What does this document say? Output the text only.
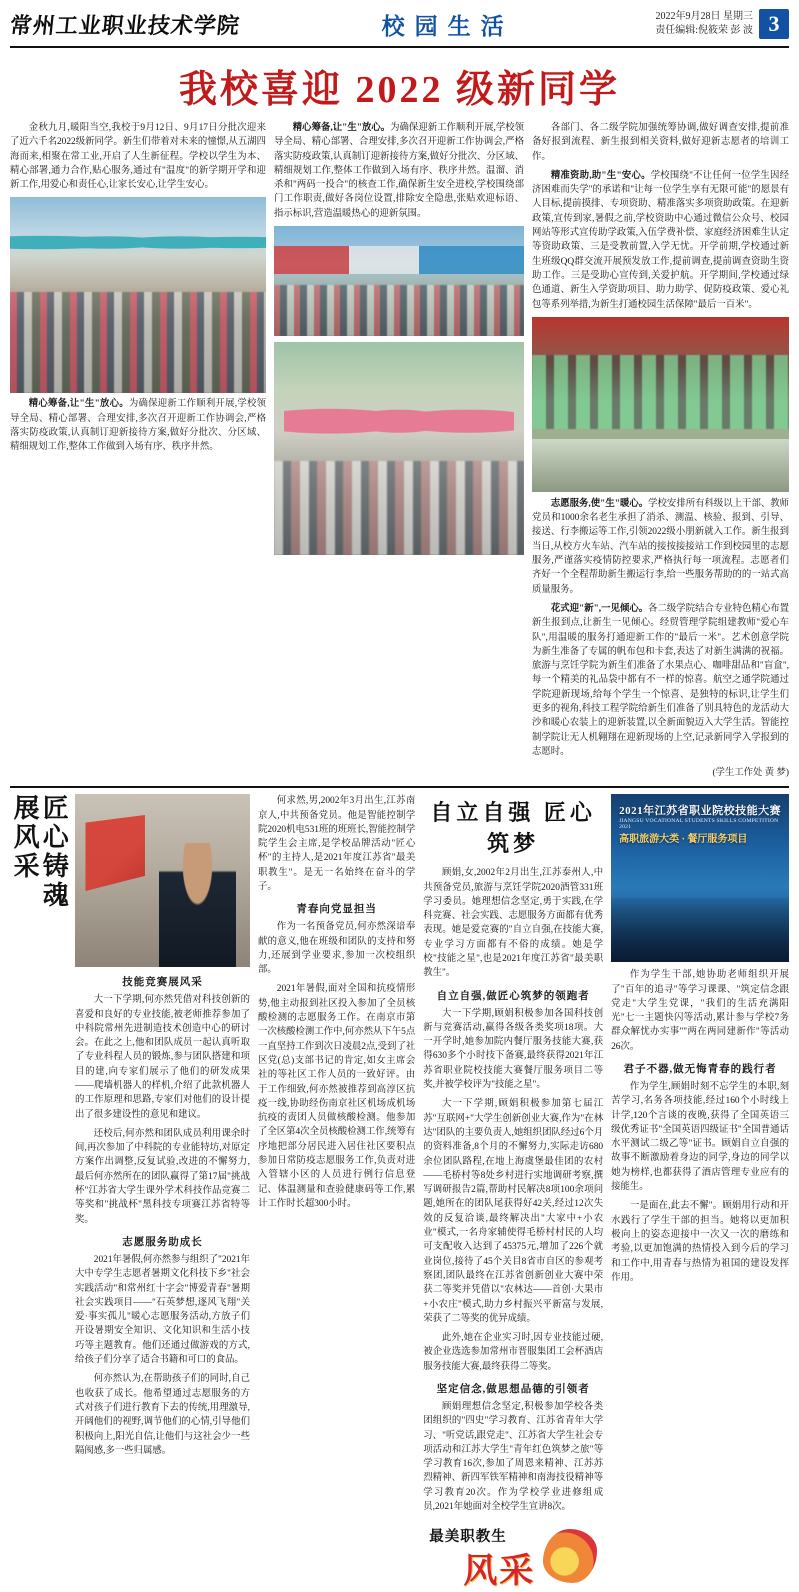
常州工业职业技术学院	校园生活	2022年9月28日 星期三
责任编辑:倪筱荣 彭 波 3
我校喜迎 2022 级新同学

金秋九月,暖阳当空,我校于9月12日、9月17日分批次迎来了近六千名2022级新同学。新生们带着对未来的憧憬,从五湖四海而来,相聚在常工业,开启了人生新征程。学校以学生为本、精心部署,通力合作,贴心服务,通过有"温度"的新学期开学和迎新工作,用爱心和责任心,让家长安心,让学生安心。

精心筹备,让"生"放心。为确保迎新工作顺利开展,学校领导全局、精心部署、合理安排,多次召开迎新工作协调会,严格落实防疫政策,认真制订迎新接待方案,做好分批次、分区域、精细规划工作,整体工作做到入场有序、秩序井然。

精心筹备,让"生"放心。为确保迎新工作顺利开展,学校领导全局、精心部署、合理安排,多次召开迎新工作协调会,严格落实防疫政策,认真制订迎新接待方案,做好分批次、分区域、精细规划工作,整体工作做到入场有序、秩序井然。温溜、消杀和"两码一投合"的核查工作,确保新生安全进校,学校围绕部门工作职责,做好各岗位设置,排除安全隐患,张贴欢迎标语、指示标识,营造温暖热心的迎新氛围。

各部门、各二级学院加强统筹协调,做好调查安排,提前准备好报到流程、新生报到相关资料,做好迎新志愿者的培训工作。

精准资助,助"生"安心。学校围绕"不让任何一位学生因经济困难而失学"的承诺和"让每一位学生享有无限可能"的愿景有人目标,提前摸排、专项资助、精准落实多项资助政策。在迎新政策,宣传到家,暑假之前,学校资助中心通过微信公众号、校园网站等形式宣传助学政策,入伍学费补偿、家庭经济困难生认定等资助政策、三是受教前置,入学无忧。开学前期,学校通过新生班级QQ群交流开展预发放工作,提前调查,提前调查资助生资助工作。三是受助心宣传到,关爱护航。开学期间,学校通过绿色通道、新生入学资助项目、助力助学、促防疫政策、爱心礼包等系列举措,为新生打通校园生活保障"最后一百米"。

志愿服务,使"生"暖心。学校安排所有科级以上干部、教师党员和1000余名老生承担了消杀、测温、核验、报到、引导、接送、行李搬运等工作,引领2022级小朋新就入工作。新生报到当日,从校方火车站、汽车站的接按接接站工作到校园里的志愿服务,严谨落实疫情防控要求,严格执行每一项流程。志愿者们齐好一个全程帮助新生搬运行李,给一些服务帮助的的一站式高质量服务。

花式迎"新",一见倾心。各二级学院结合专业特色精心布置新生报到点,让新生一见倾心。经贸管理学院组建教师"爱心车队",用温暖的服务打通迎新工作的"最后一米"。艺术创意学院为新生准备了专属的帆布包和卡套,表达了对新生满满的祝福。旅游与烹饪学院为新生们准备了水果点心、咖啡甜品和"盲盒",每一个精美的礼品袋中都有不一样的惊喜。航空之通学院通过学院迎新现场,给每个学生一个惊喜、是独特的标识,让学生们更多的视角,科技工程学院给新生们准备了别具特色的龙活动大沙和暖心农装上的迎新装置,以全新面貌迈入大学生活。智能控制学院让无人机翱翔在迎新现场的上空,记录新同学入学报到的志愿时。

(学生工作处 黄 梦)

匠心铸魂
展风采
技能竞赛展风采

大一下学期,何亦然凭借对科技创新的喜爱和良好的专业技能,被老师推荐参加了中科院常州先进制造技术创造中心的研讨会。在此之上,他和团队成员一起认真听取了专业科程人员的锻炼,参与团队搭建和项目的建,向专家们展示了他们的研发成果——爬墙机器人的样机,介绍了此款机器人的工作原理和思路,专家们对他们的设计提出了很多建设性的意见和建议。

还校后,何亦然和团队成员利用课余时间,再次参加了中科院的专业能特坊,对原定方案作出调整,反复试验,改进的不懈努力,最后何亦然所在的团队赢得了第17届"挑战杯"江苏省大学生课外学术科技作品竞赛二等奖和"挑战杯"黑科技专项赛江苏省特等奖。

志愿服务助成长

2021年暑假,何亦然参与组织了"2021年大中专学生志愿者暑期文化科技下乡"社会实践活动"和常州红十字会"博爱青春"暑期社会实践项目——"石英梦想,逐风飞翔"关爱·事实孤儿"暖心志愿服务活动,方放子们开设暑期安全知识、文化知识和生活小技巧等主题教育。他们还通过做游戏的方式,给孩子们分享了适合书籍和可口的食品。

何亦然认为,在帮助孩子们的同时,自己也收获了成长。他希望通过志愿服务的方式对孩子们进行教育下去的传统,用理激导,开阔他们的视野,调节他们的心情,引导他们积极向上,阳光自信,让他们与这社会少一些隔阂感,多一些归属感。

何求然,男,2002年3月出生,江苏南京人,中共预备党员。他是智能控制学院2020机电531班的班班长,智能控制学院学生会主席,是学校品牌活动"匠心杯"的主持人,是2021年度江苏省"最美职教生"。是无一名始终在奋斗的学子。

青春向党显担当

作为一名预备党员,何亦然深谙奉献的意义,他在班级和团队的支持和努力,还展到学业要求,参加一次校组织部。

2021年暑假,面对全国和抗疫情形势,他主动报到社区投入参加了全员核酸检测的志愿服务工作。在南京市第一次核酸检测工作中,何亦然从下午5点一直坚持工作到次日凌晨2点,受到了社区党(总)支部书记的肯定,如女主席会社的等社区工作人员的一致好评。由于工作细致,何亦然被推荐到高淳区抗疫一线,协助经伤南京社区机场成机场抗疫的责团人员做核酸检测。他参加了全区第4次全员核酸检测工作,统筹有序地把部分居民进入居住社区要积点参加日常防疫志愿服务工作,负责对进入管辖小区的人员进行例行信息登记、体温测量和查验健康码等工作,累计工作时长超300小时。

自立自强 匠心筑梦

顾娟,女,2002年2月出生,江苏泰州人,中共预备党员,旅游与烹饪学院2020酒管331班学习委员。她理想信念坚定,勇于实践,在学科竞赛、社会实践、志愿服务方面都有优秀表现。她是爱竞赛的"自立自强,在技能大赛,专业学习方面都有不俗的成绩。她是学校"技能之星",也是2021年度江苏省"最美职教生"。

自立自强,做匠心筑梦的领跑者

大一下学期,顾娟积极参加各国科技创新与竞赛活动,赢得各级各类奖项18项。大一开学时,她参加院内餐厅服务技能大赛,获得630多个小时技下备赛,最终获得2021年江苏省职业院校技能大赛餐厅服务项目二等奖,并被学校评为"技能之星"。

大一下学期,顾娟积极参加第七届江苏"互联网+"大学生创新创业大赛,作为"在林达"团队的主要负责人,她组织团队经过6个月的资料准备,8个月的不懈努力,实际走访680余位团队路程,在地上海虞堡最佳团的农村——毛桥村等8处乡村进行实地调研考察,撰写调研报告2篇,帮助村民解决8项100余项问题,她所在的团队尾获得好42关,经过12次失效的反复洽谈,最终解决出"大家中+小农业"模式,一名舟家辅使得毛桥村村民的人均可支配收入达到了45375元,增加了226个就业岗位,接待了45个关目8省市自区的参观考察团,团队最终在江苏省创新创业大赛中荣获二等奖并凭借以"农林达——首创·大果市+小农庄"模式,助力乡村振兴平新富与发展,荣获了二等奖的优异成绩。

此外,她在企业实习时,因专业技能过硬,被企业选选参加常州市晋服集团工会杯酒店服务技能大赛,最终获得二等奖。

坚定信念,做思想品德的引领者

顾娟理想信念坚定,积极参加学校各类团组织的"四史"学习教育、江苏省青年大学习、"听党话,跟党走"、江苏省大学生社会专项活动和江苏大学生"青年红色筑梦之旅"等学习教育16次,参加了周恩来精神、江苏苏烈精神、新四军铁军精神和南海技役精神等学习教育20次。作为学校学业进修组成员,2021年她面对全校学生宣讲8次。

最美职教生
风采
2021年江苏省职业院校技能大赛
JIANGSU VOCATIONAL STUDENTS SKILLS COMPETITION 2021
高职旅游大类 · 餐厅服务项目

作为学生干部,她协助老师组织开展了"百年的追寻"等学习课课、"筑定信念跟党走"大学生党课，"我们的生活充满阳光"七一主题快闪等活动,累计参与学校7务群众解忧办实事""两在两同建新作"等活动26次。

君子不器,做无悔青春的践行者

作为学生,顾娟时刻不忘学生的本职,刻苦学习,名务各项技能,经过160个小时线上计学,120个言谈的夜晚,获得了全国英语三级优秀证书"全国英语四级证书"全国普通话水平测试二级乙等"证书。顾娟自立自强的故事不断激励着身边的同学,身边的同学以她为榜样,也都获得了酒店管理专业应有的接能生。

一是面在,此去不懈"。顾娟用行动和开水践行了学生干部的担当。她将以更加积极向上的姿态迎接中一次又一次的磨练和考验,以更加饱满的热情投入到今后的学习和工作中,用青春与热情为祖国的建设发挥作用。
